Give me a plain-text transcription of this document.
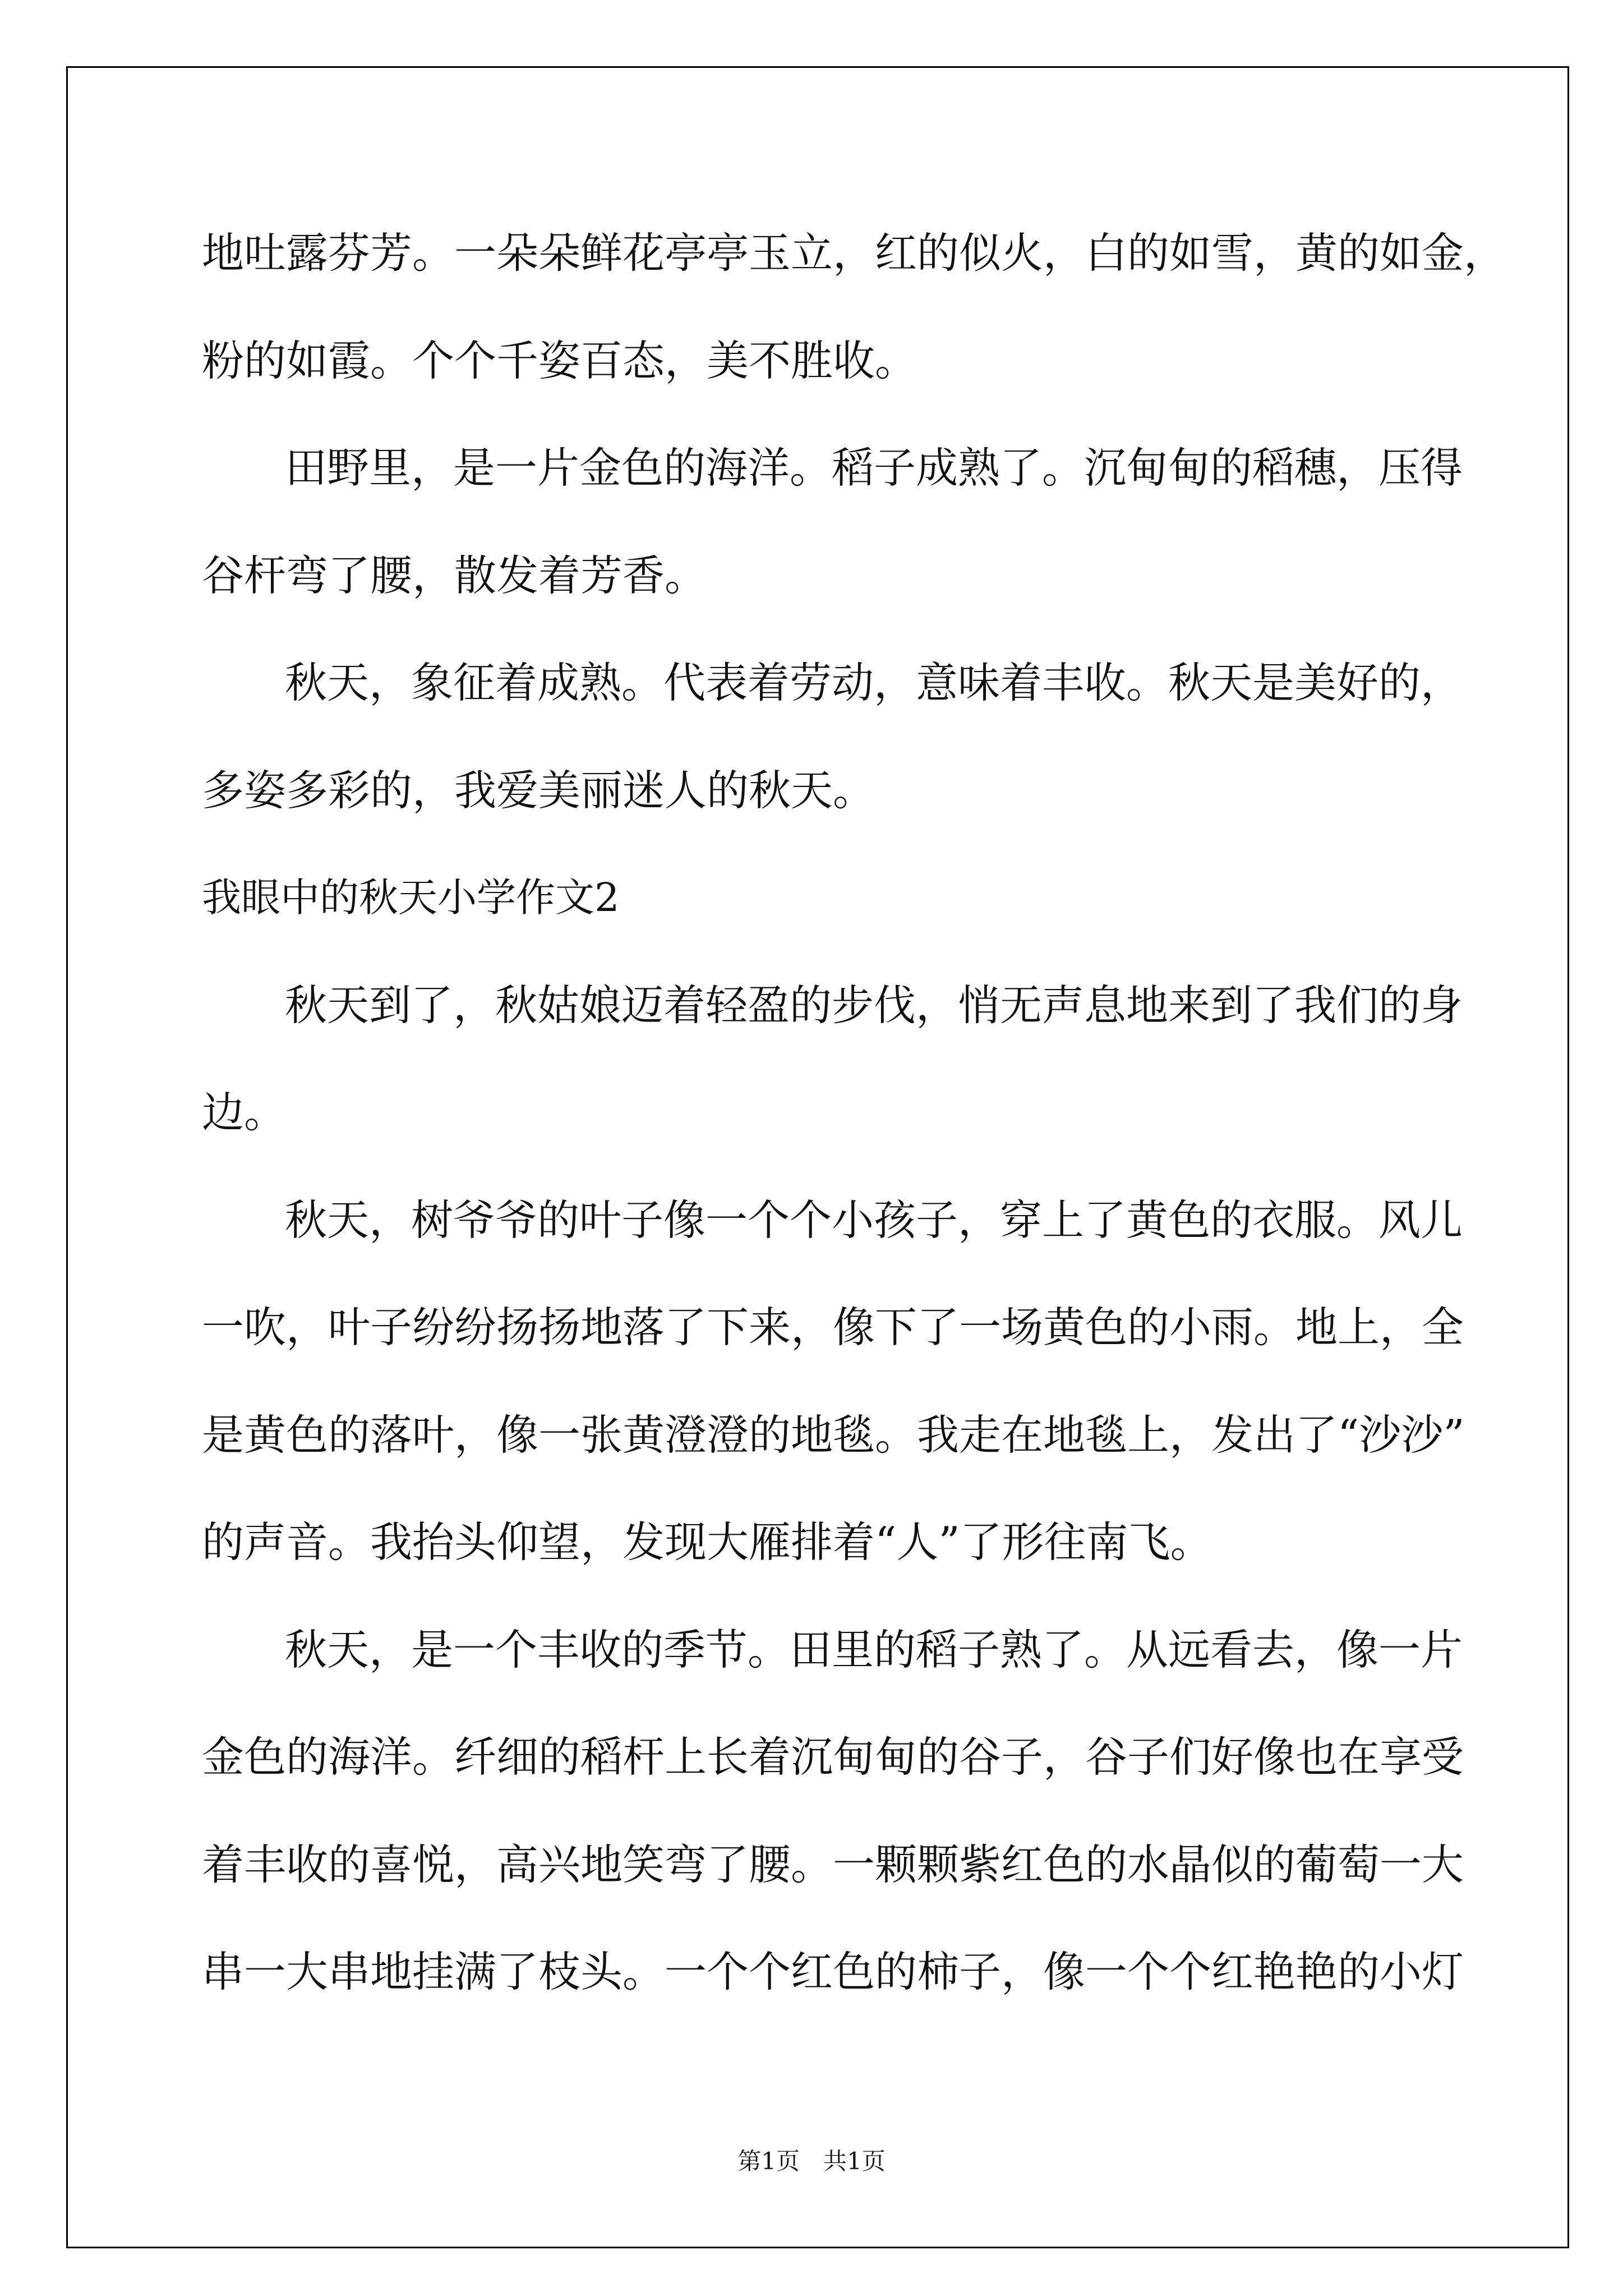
地吐露芬芳。一朵朵鲜花亭亭玉立，红的似火，白的如雪，黄的如金，
粉的如霞。个个千姿百态，美不胜收。
田野里，是一片金色的海洋。稻子成熟了。沉甸甸的稻穗，压得
谷杆弯了腰，散发着芳香。
秋天，象征着成熟。代表着劳动，意味着丰收。秋天是美好的，
多姿多彩的，我爱美丽迷人的秋天。
我眼中的秋天小学作文2
秋天到了，秋姑娘迈着轻盈的步伐，悄无声息地来到了我们的身
边。
秋天，树爷爷的叶子像一个个小孩子，穿上了黄色的衣服。风儿
一吹，叶子纷纷扬扬地落了下来，像下了一场黄色的小雨。地上，全
是黄色的落叶，像一张黄澄澄的地毯。我走在地毯上，发出了“沙沙”
的声音。我抬头仰望，发现大雁排着“人”了形往南飞。
秋天，是一个丰收的季节。田里的稻子熟了。从远看去，像一片
金色的海洋。纤细的稻杆上长着沉甸甸的谷子，谷子们好像也在享受
着丰收的喜悦，高兴地笑弯了腰。一颗颗紫红色的水晶似的葡萄一大
串一大串地挂满了枝头。一个个红色的柿子，像一个个红艳艳的小灯
第1页　共1页
